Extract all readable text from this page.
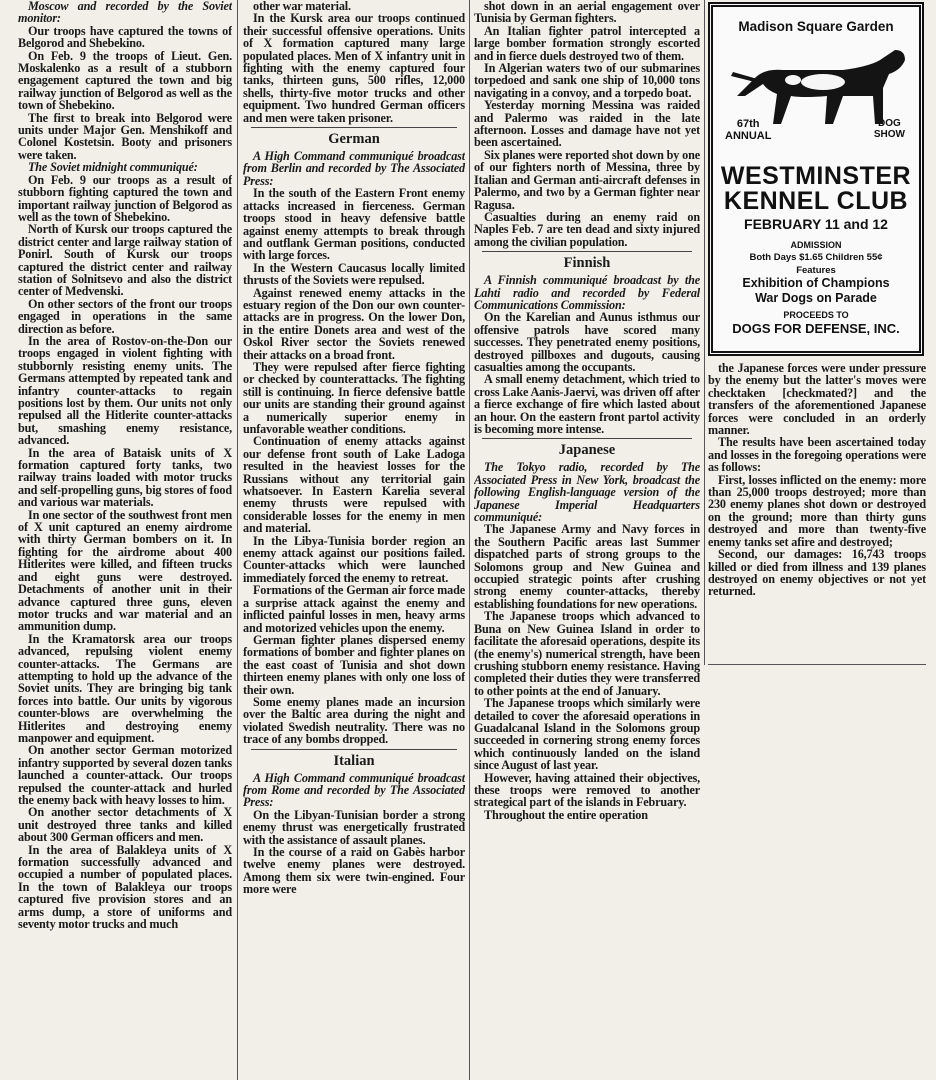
Moscow and recorded by the Soviet monitor:

Our troops have captured the towns of Belgorod and Shebekino.

On Feb. 9 the troops of Lieut. Gen. Moskalenko as a result of a stubborn engagement captured the town and big railway junction of Belgorod as well as the town of Shebekino.

The first to break into Belgorod were units under Major Gen. Menshikoff and Colonel Kostetsin. Booty and prisoners were taken.

The Soviet midnight communiqué:

On Feb. 9 our troops as a result of stubborn fighting captured the town and important railway junction of Belgorod as well as the town of Shebekino.

North of Kursk our troops captured the district center and large railway station of Ponirl. South of Kursk our troops captured the district center and railway station of Solnitsevo and also the district center of Medvenski.

On other sectors of the front our troops engaged in operations in the same direction as before.

In the area of Rostov-on-the-Don our troops engaged in violent fighting with stubbornly resisting enemy units. The Germans attempted by repeated tank and infantry counter-attacks to regain positions lost by them. Our units not only repulsed all the Hitlerite counter-attacks but, smashing enemy resistance, advanced.

In the area of Bataisk units of X formation captured forty tanks, two railway trains loaded with motor trucks and self-propelling guns, big stores of food and various war materials.

In one sector of the southwest front men of X unit captured an enemy airdrome with thirty German bombers on it. In fighting for the airdrome about 400 Hitlerites were killed, and fifteen trucks and eight guns were destroyed. Detachments of another unit in their advance captured three guns, eleven motor trucks and war material and an ammunition dump.

In the Kramatorsk area our troops advanced, repulsing violent enemy counter-attacks. The Germans are attempting to hold up the advance of the Soviet units. They are bringing big tank forces into battle. Our units by vigorous counter-blows are overwhelming the Hitlerites and destroying enemy manpower and equipment.

On another sector German motorized infantry supported by several dozen tanks launched a counter-attack. Our troops repulsed the counter-attack and hurled the enemy back with heavy losses to him.

On another sector detachments of X unit destroyed three tanks and killed about 300 German officers and men.

In the area of Balakleya units of X formation successfully advanced and occupied a number of populated places. In the town of Balakleya our troops captured five provision stores and an arms dump, a store of uniforms and seventy motor trucks and much

other war material.

In the Kursk area our troops continued their successful offensive operations. Units of X formation captured many large populated places. Men of X infantry unit in fighting with the enemy captured four tanks, thirteen guns, 500 rifles, 12,000 shells, thirty-five motor trucks and other equipment. Two hundred German officers and men were taken prisoner.

German

A High Command communiqué broadcast from Berlin and recorded by The Associated Press:

In the south of the Eastern Front enemy attacks increased in fierceness. German troops stood in heavy defensive battle against enemy attempts to break through and outflank German positions, conducted with large forces.

In the Western Caucasus locally limited thrusts of the Soviets were repulsed.

Against renewed enemy attacks in the estuary region of the Don our own counter-attacks are in progress. On the lower Don, in the entire Donets area and west of the Oskol River sector the Soviets renewed their attacks on a broad front.

They were repulsed after fierce fighting or checked by counterattacks. The fighting still is continuing. In fierce defensive battle our units are standing their ground against a numerically superior enemy in unfavorable weather conditions.

Continuation of enemy attacks against our defense front south of Lake Ladoga resulted in the heaviest losses for the Russians without any territorial gain whatsoever. In Eastern Karelia several enemy thrusts were repulsed with considerable losses for the enemy in men and material.

In the Libya-Tunisia border region an enemy attack against our positions failed. Counter-attacks which were launched immediately forced the enemy to retreat.

Formations of the German air force made a surprise attack against the enemy and inflicted painful losses in men, heavy arms and motorized vehicles upon the enemy.

German fighter planes dispersed enemy formations of bomber and fighter planes on the east coast of Tunisia and shot down thirteen enemy planes with only one loss of their own.

Some enemy planes made an incursion over the Baltic area during the night and violated Swedish neutrality. There was no trace of any bombs dropped.

Italian

A High Command communiqué broadcast from Rome and recorded by The Associated Press:

On the Libyan-Tunisian border a strong enemy thrust was energetically frustrated with the assistance of assault planes.

In the course of a raid on Gabès harbor twelve enemy planes were destroyed. Among them six were twin-engined. Four more were

shot down in an aerial engagement over Tunisia by German fighters.

An Italian fighter patrol intercepted a large bomber formation strongly escorted and in fierce duels destroyed two of them.

In Algerian waters two of our submarines torpedoed and sank one ship of 10,000 tons navigating in a convoy, and a torpedo boat.

Yesterday morning Messina was raided and Palermo was raided in the late afternoon. Losses and damage have not yet been ascertained.

Six planes were reported shot down by one of our fighters north of Messina, three by Italian and German anti-aircraft defenses in Palermo, and two by a German fighter near Ragusa.

Casualties during an enemy raid on Naples Feb. 7 are ten dead and sixty injured among the civilian population.

Finnish

A Finnish communiqué broadcast by the Lahti radio and recorded by Federal Communications Commission:

On the Karelian and Aunus isthmus our offensive patrols have scored many successes. They penetrated enemy positions, destroyed pillboxes and dugouts, causing casualties among the occupants.

A small enemy detachment, which tried to cross Lake Aanis-Jaervi, was driven off after a fierce exchange of fire which lasted about an hour. On the eastern front partol activity is becoming more intense.

Japanese

The Tokyo radio, recorded by The Associated Press in New York, broadcast the following English-language version of the Japanese Imperial Headquarters communiqué:

The Japanese Army and Navy forces in the Southern Pacific areas last Summer dispatched parts of strong groups to the Solomons group and New Guinea and occupied strategic points after crushing strong enemy counter-attacks, thereby establishing foundations for new operations.

The Japanese troops which advanced to Buna on New Guinea Island in order to facilitate the aforesaid operations, despite its (the enemy's) numerical strength, have been crushing stubborn enemy resistance. Having completed their duties they were transferred to other points at the end of January.

The Japanese troops which similarly were detailed to cover the aforesaid operations in Guadalcanal Island in the Solomons group succeeded in cornering strong enemy forces which continuously landed on the island since August of last year.

However, having attained their objectives, these troops were removed to another strategical part of the islands in February.

Throughout the entire operation

the Japanese forces were under pressure by the enemy but the latter's moves were checktaken [checkmated?] and the transfers of the aforementioned Japanese forces were concluded in an orderly manner.

The results have been ascertained today and losses in the foregoing operations were as follows:

First, losses inflicted on the enemy: more than 25,000 troops destroyed; more than 230 enemy planes shot down or destroyed on the ground; more than thirty guns destroyed and more than twenty-five enemy tanks set afire and destroyed;

Second, our damages: 16,743 troops killed or died from illness and 139 planes destroyed on enemy objectives or not yet returned.

Madison Square Garden
67th
ANNUAL
DOG
SHOW
WESTMINSTER
KENNEL CLUB
FEBRUARY 11 and 12
ADMISSION
Both Days $1.65 Children 55¢
Features
Exhibition of Champions
War Dogs on Parade
PROCEEDS TO
DOGS FOR DEFENSE, INC.
